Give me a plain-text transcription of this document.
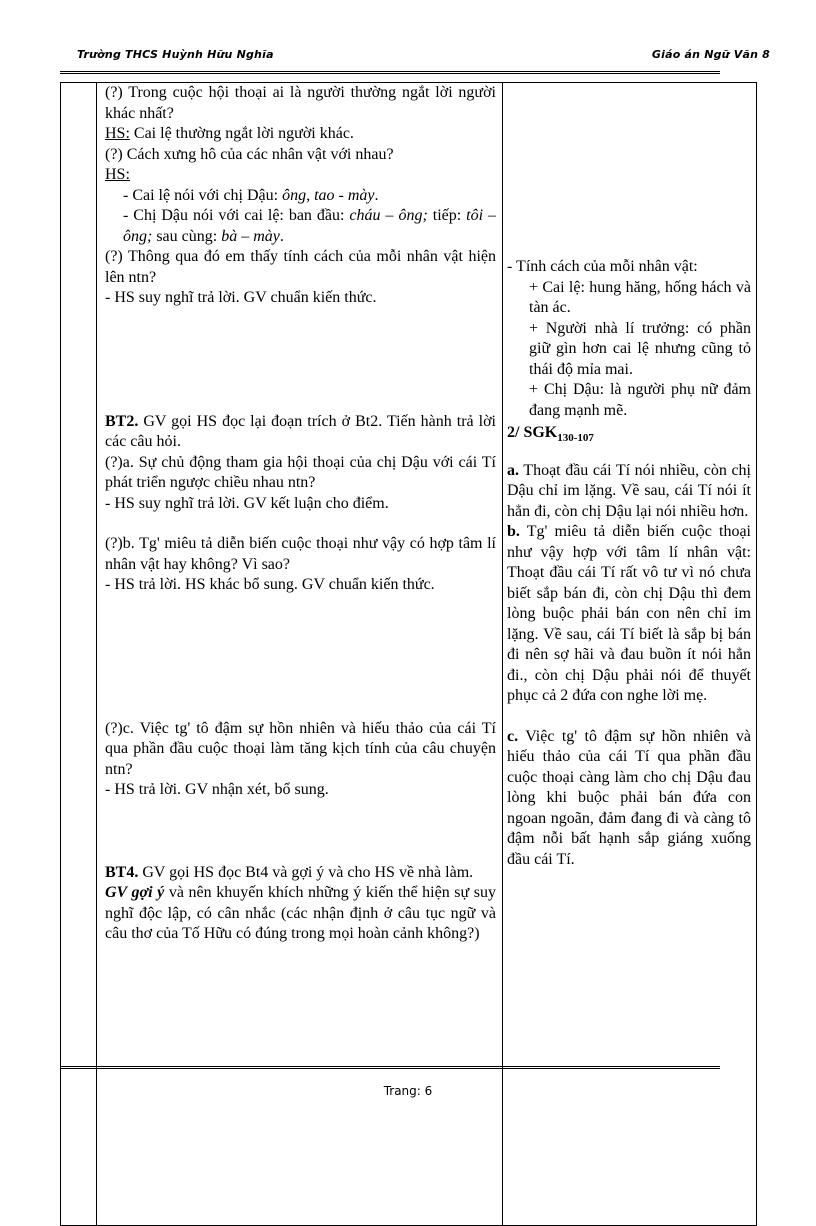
Trường THCS Huỳnh Hữu Nghĩa	Giáo án Ngữ Văn 8

(?) Trong cuộc hội thoại ai là người thường ngắt lời người khác nhất?

HS: Cai lệ thường ngắt lời người khác.

(?) Cách xưng hô của các nhân vật với nhau?

HS:

- Cai lệ nói với chị Dậu: ông, tao - mày.

- Chị Dậu nói với cai lệ: ban đầu: cháu – ông; tiếp: tôi – ông; sau cùng: bà – mày.

(?) Thông qua đó em thấy tính cách của mỗi nhân vật hiện lên ntn?

- HS suy nghĩ trả lời. GV chuẩn kiến thức.

BT2. GV gọi HS đọc lại đoạn trích ở Bt2. Tiến hành trả lời các câu hỏi.

(?)a. Sự chủ động tham gia hội thoại của chị Dậu với cái Tí phát triển ngược chiều nhau ntn?

- HS suy nghĩ trả lời. GV kết luận cho điểm.

(?)b. Tg' miêu tả diễn biến cuộc thoại như vậy có hợp tâm lí nhân vật hay không? Vì sao?

- HS trả lời. HS khác bổ sung. GV chuẩn kiến thức.

(?)c. Việc tg' tô đậm sự hồn nhiên và hiếu thảo của cái Tí qua phần đầu cuộc thoại làm tăng kịch tính của câu chuyện ntn?

- HS trả lời. GV nhận xét, bổ sung.

BT4. GV gọi HS đọc Bt4 và gợi ý và cho HS về nhà làm.

GV gợi ý và nên khuyến khích những ý kiến thể hiện sự suy nghĩ độc lập, có cân nhắc (các nhận định ở câu tục ngữ và câu thơ của Tố Hữu có đúng trong mọi hoàn cảnh không?)

- Tính cách của mỗi nhân vật:

+ Cai lệ: hung hăng, hống hách và tàn ác.

+ Người nhà lí trưởng: có phần giữ gìn hơn cai lệ nhưng cũng tỏ thái độ mỉa mai.

+ Chị Dậu: là người phụ nữ đảm đang mạnh mẽ.

2/ $SGK_{130-107}$

a. Thoạt đầu cái Tí nói nhiều, còn chị Dậu chỉ im lặng. Về sau, cái Tí nói ít hẳn đi, còn chị Dậu lại nói nhiều hơn.

b. Tg' miêu tả diễn biến cuộc thoại như vậy hợp với tâm lí nhân vật: Thoạt đầu cái Tí rất vô tư vì nó chưa biết sắp bán đi, còn chị Dậu thì đem lòng buộc phải bán con nên chỉ im lặng. Về sau, cái Tí biết là sắp bị bán đi nên sợ hãi và đau buồn ít nói hẳn đi., còn chị Dậu phải nói để thuyết phục cả 2 đứa con nghe lời mẹ.

c. Việc tg' tô đậm sự hồn nhiên và hiếu thảo của cái Tí qua phần đầu cuộc thoại càng làm cho chị Dậu đau lòng khi buộc phải bán đứa con ngoan ngoãn, đảm đang đi và càng tô đậm nỗi bất hạnh sắp giáng xuống đầu cái Tí.

Trang: 6
